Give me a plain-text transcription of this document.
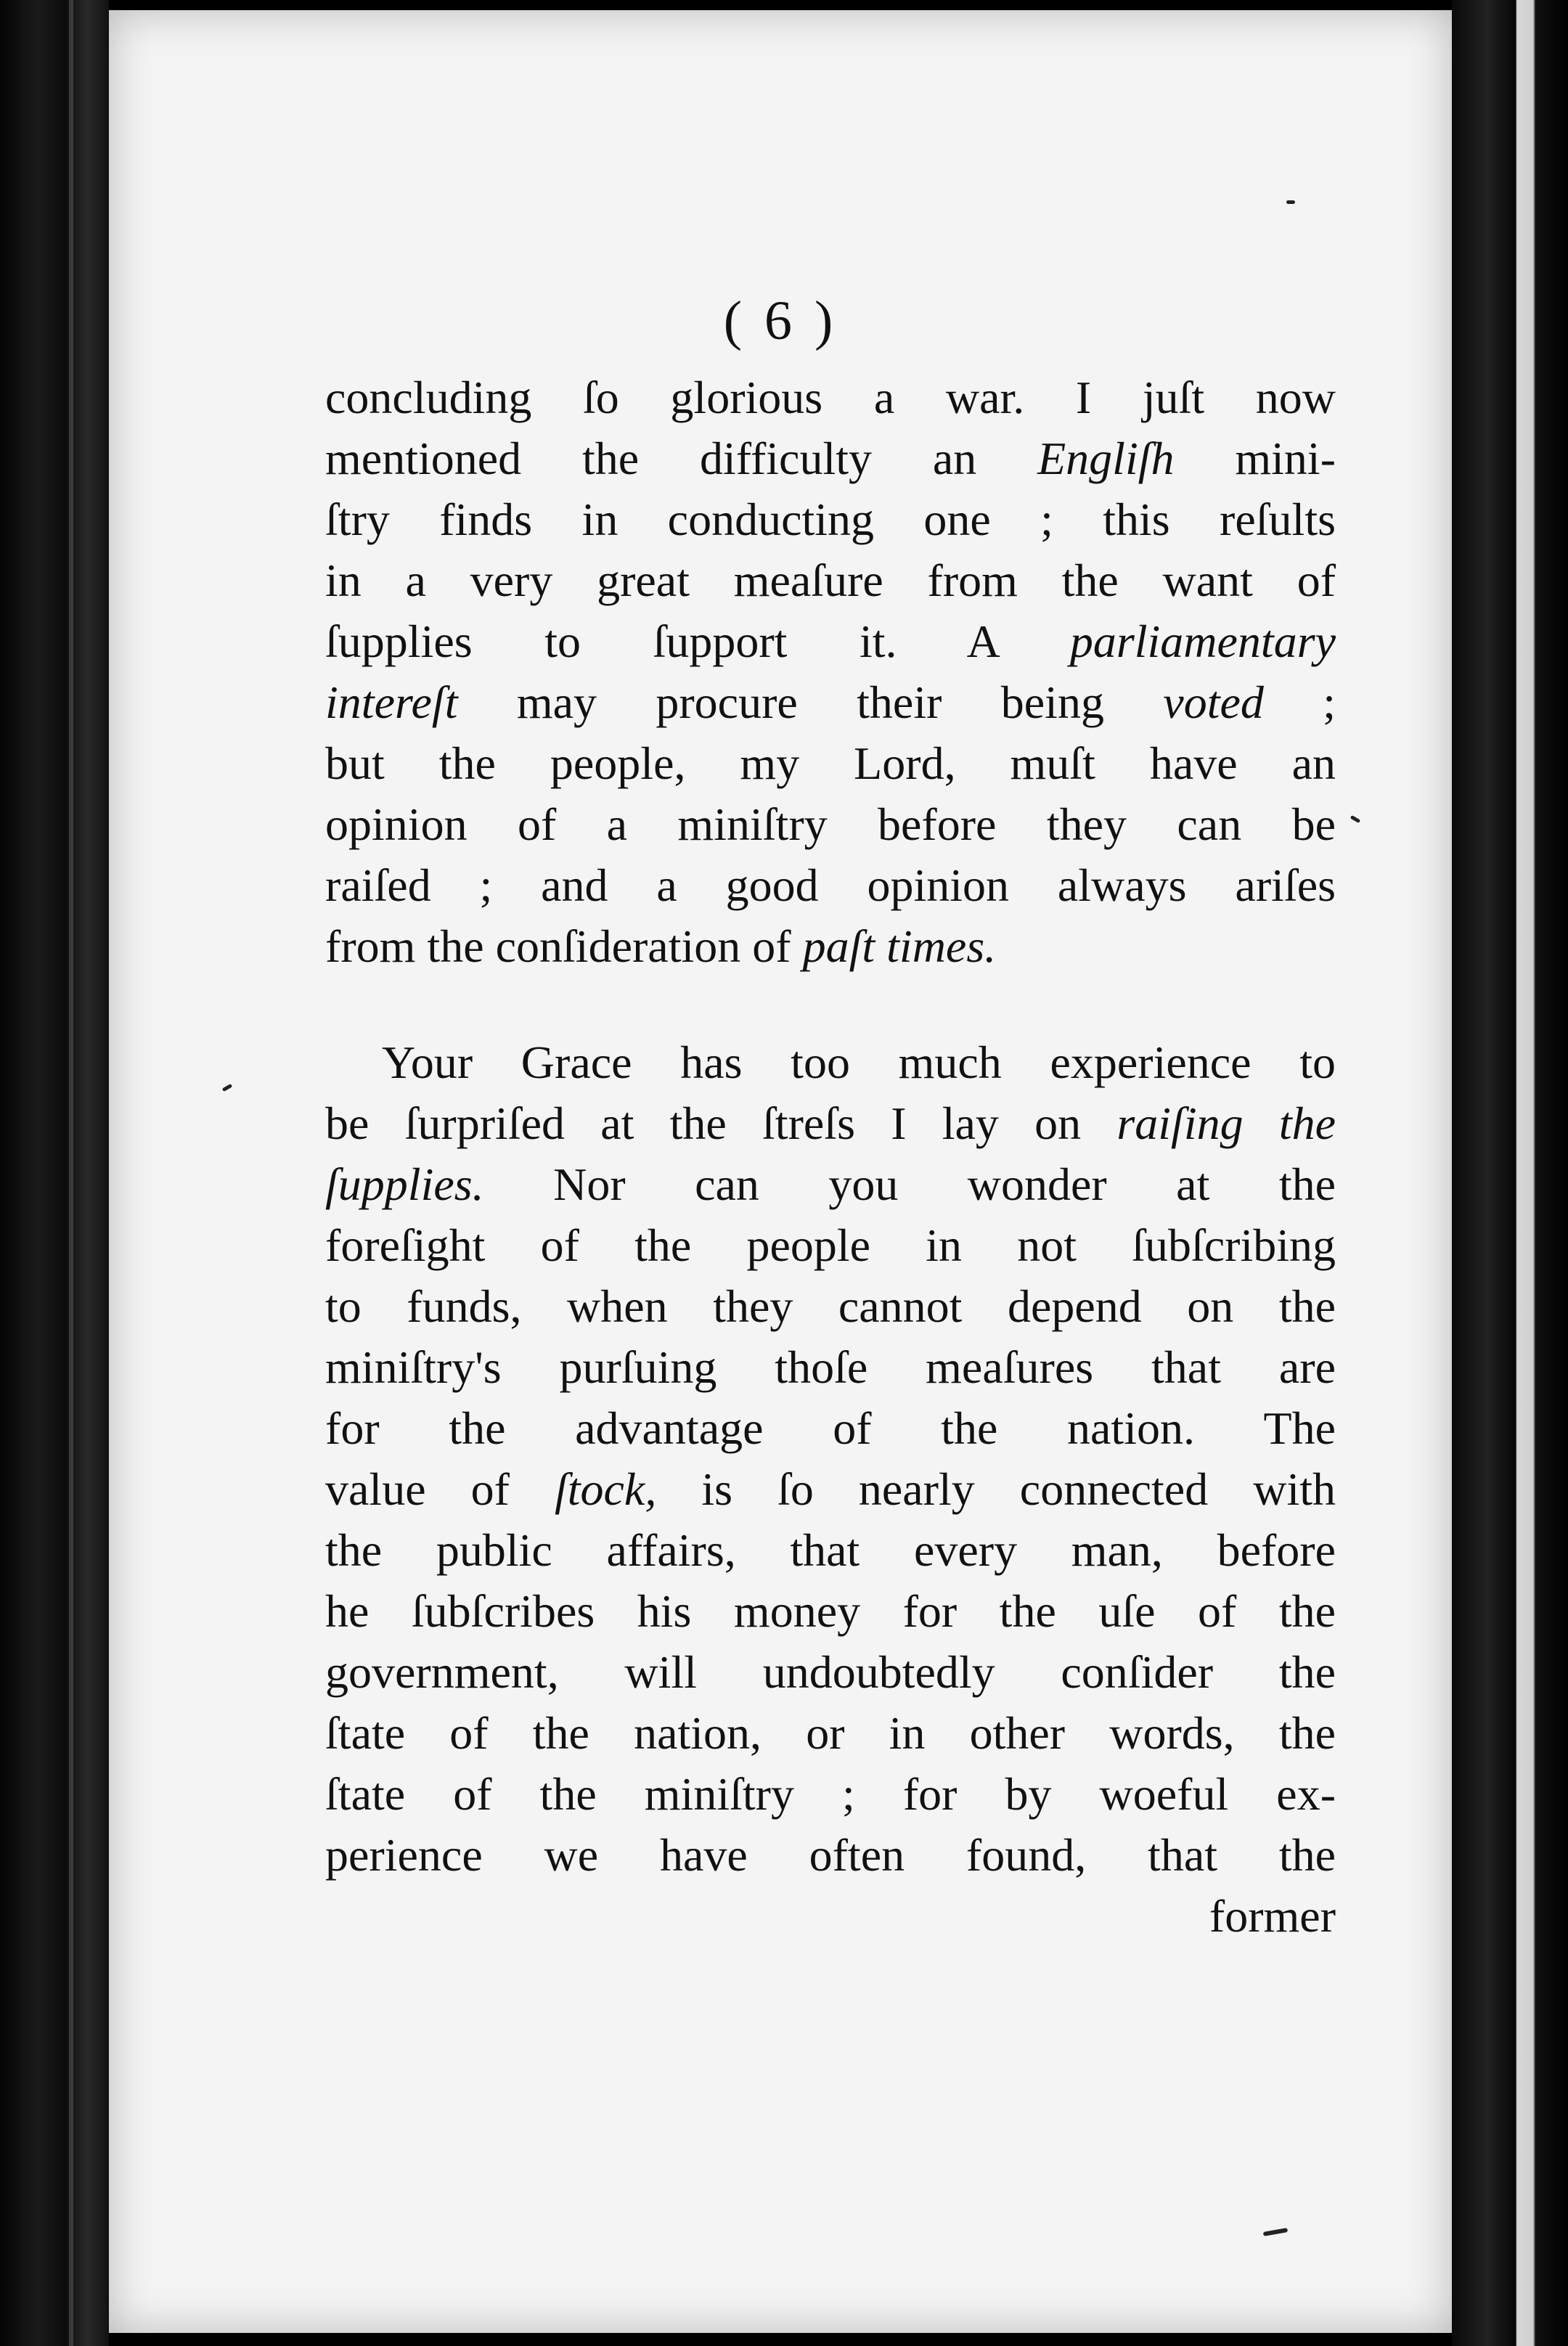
( 6 )
concluding ſo glorious a war. I juſt now
mentioned the difficulty an Engliſh mini-
ſtry finds in conducting one ; this reſults
in a very great meaſure from the want of
ſupplies to ſupport it. A parliamentary
intereſt may procure their being voted ;
but the people, my Lord, muſt have an
opinion of a miniſtry before they can be
raiſed ; and a good opinion always ariſes
from the conſideration of paſt times.
Your Grace has too much experience to
be ſurpriſed at the ſtreſs I lay on raiſing the
ſupplies. Nor can you wonder at the
foreſight of the people in not ſubſcribing
to funds, when they cannot depend on the
miniſtry's purſuing thoſe meaſures that are
for the advantage of the nation. The
value of ſtock, is ſo nearly connected with
the public affairs, that every man, before
he ſubſcribes his money for the uſe of the
government, will undoubtedly conſider the
ſtate of the nation, or in other words, the
ſtate of the miniſtry ; for by woeful ex-
perience we have often found, that the
former
